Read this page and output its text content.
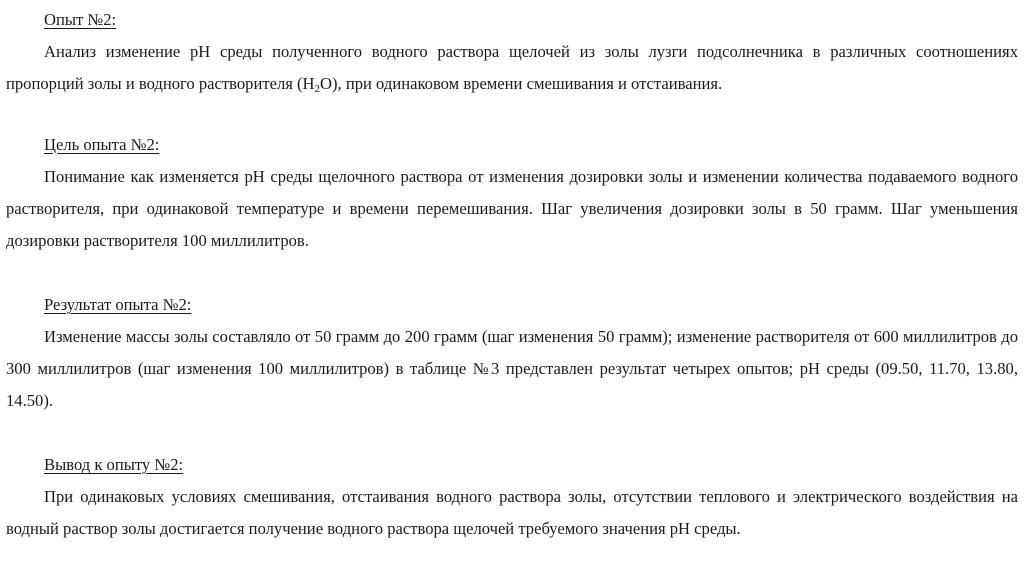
Опыт №2:
Анализ изменение pH среды полученного водного раствора щелочей из золы лузги подсолнечника в различных соотношениях пропорций золы и водного растворителя $(H_2O)$, при одинаковом времени смешивания и отстаивания.
Цель опыта №2:
Понимание как изменяется pH среды щелочного раствора от изменения дозировки золы и изменении количества подаваемого водного растворителя, при одинаковой температуре и времени перемешивания. Шаг увеличения дозировки золы в 50 грамм. Шаг уменьшения дозировки растворителя 100 миллилитров.
Результат опыта №2:
Изменение массы золы составляло от 50 грамм до 200 грамм (шаг изменения 50 грамм); изменение растворителя от 600 миллилитров до 300 миллилитров (шаг изменения 100 миллилитров) в таблице №3 представлен результат четырех опытов; pH среды (09.50, 11.70, 13.80, 14.50).
Вывод к опыту №2:
При одинаковых условиях смешивания, отстаивания водного раствора золы, отсутствии теплового и электрического воздействия на водный раствор золы достигается получение водного раствора щелочей требуемого значения pH среды.
